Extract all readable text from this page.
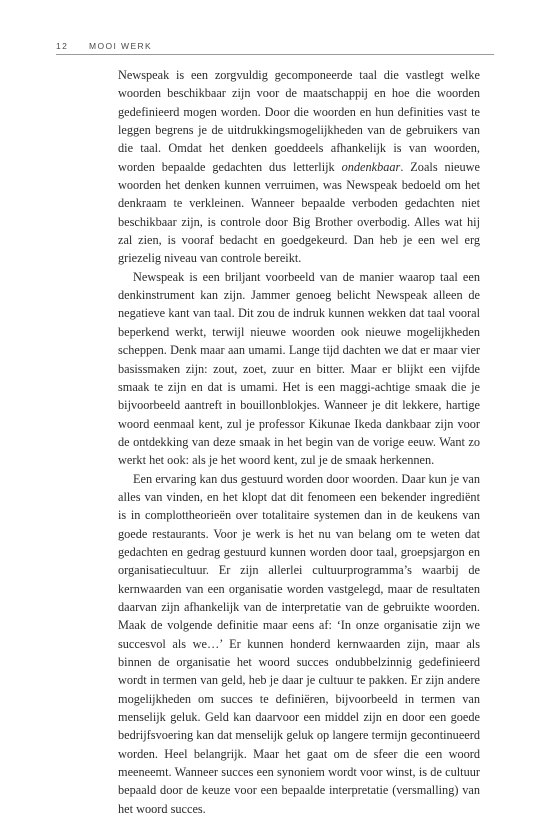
12 MOOI WERK

Newspeak is een zorgvuldig gecomponeerde taal die vastlegt welke woorden beschikbaar zijn voor de maatschappij en hoe die woorden gedefinieerd mogen worden. Door die woorden en hun definities vast te leggen begrens je de uitdrukkingsmogelijkheden van de gebruikers van die taal. Omdat het denken goeddeels afhankelijk is van woorden, worden bepaalde gedachten dus letterlijk ondenkbaar. Zoals nieuwe woorden het denken kunnen verruimen, was Newspeak bedoeld om het denkraam te verkleinen. Wanneer bepaalde verboden gedachten niet beschikbaar zijn, is controle door Big Brother overbodig. Alles wat hij zal zien, is vooraf bedacht en goedgekeurd. Dan heb je een wel erg griezelig niveau van controle bereikt.

Newspeak is een briljant voorbeeld van de manier waarop taal een denkinstrument kan zijn. Jammer genoeg belicht Newspeak alleen de negatieve kant van taal. Dit zou de indruk kunnen wekken dat taal vooral beperkend werkt, terwijl nieuwe woorden ook nieuwe mogelijkheden scheppen. Denk maar aan umami. Lange tijd dachten we dat er maar vier basissmaken zijn: zout, zoet, zuur en bitter. Maar er blijkt een vijfde smaak te zijn en dat is umami. Het is een maggi-achtige smaak die je bijvoorbeeld aantreft in bouillonblokjes. Wanneer je dit lekkere, hartige woord eenmaal kent, zul je professor Kikunae Ikeda dankbaar zijn voor de ontdekking van deze smaak in het begin van de vorige eeuw. Want zo werkt het ook: als je het woord kent, zul je de smaak herkennen.

Een ervaring kan dus gestuurd worden door woorden. Daar kun je van alles van vinden, en het klopt dat dit fenomeen een bekender ingrediënt is in complottheorieën over totalitaire systemen dan in de keukens van goede restaurants. Voor je werk is het nu van belang om te weten dat gedachten en gedrag gestuurd kunnen worden door taal, groepsjargon en organisatiecultuur. Er zijn allerlei cultuurprogramma’s waarbij de kernwaarden van een organisatie worden vastgelegd, maar de resultaten daarvan zijn afhankelijk van de interpretatie van de gebruikte woorden. Maak de volgende definitie maar eens af: ‘In onze organisatie zijn we succesvol als we…’ Er kunnen honderd kernwaarden zijn, maar als binnen de organisatie het woord succes ondubbelzinnig gedefinieerd wordt in termen van geld, heb je daar je cultuur te pakken. Er zijn andere mogelijkheden om succes te definiëren, bijvoorbeeld in termen van menselijk geluk. Geld kan daarvoor een middel zijn en door een goede bedrijfsvoering kan dat menselijk geluk op langere termijn gecontinueerd worden. Heel belangrijk. Maar het gaat om de sfeer die een woord meeneemt. Wanneer succes een synoniem wordt voor winst, is de cultuur bepaald door de keuze voor een bepaalde interpretatie (versmalling) van het woord succes.
